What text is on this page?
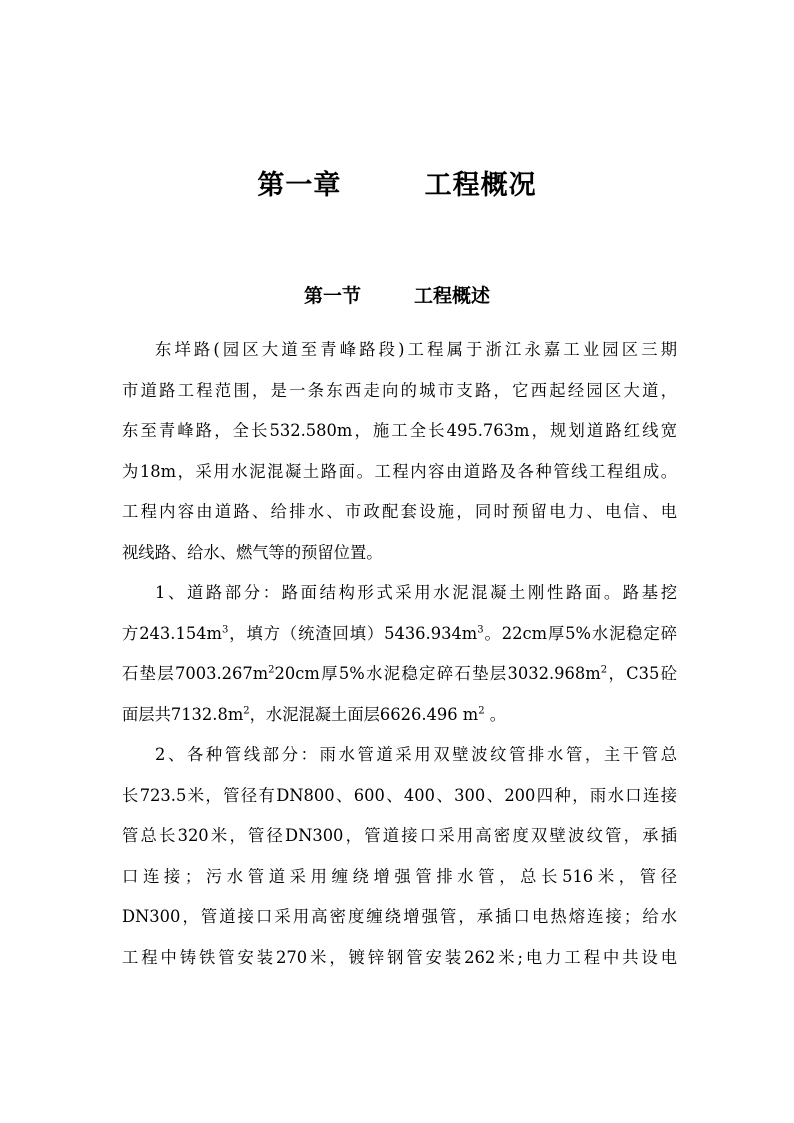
第一章        工程概况
第一节        工程概述
东垟路(园区大道至青峰路段)工程属于浙江永嘉工业园区三期
市道路工程范围，是一条东西走向的城市支路，它西起经园区大道，
东至青峰路，全长532.580m，施工全长495.763m，规划道路红线宽
为18m，采用水泥混凝土路面。工程内容由道路及各种管线工程组成。
工程内容由道路、给排水、市政配套设施，同时预留电力、电信、电
视线路、给水、燃气等的预留位置。
1、道路部分：路面结构形式采用水泥混凝土刚性路面。路基挖
方$243.154m^3$，填方（统渣回填）$5436.934m^3$。22cm厚5%水泥稳定碎
石垫层$7003.267m^220cm$厚5%水泥稳定碎石垫层$3032.968m^2$，C35砼
面层共$7132.8m^2$，水泥混凝土面层6626.496 $m^2$ 。
2、各种管线部分：雨水管道采用双壁波纹管排水管，主干管总
长723.5米，管径有DN800、600、400、300、200四种，雨水口连接
管总长320米，管径DN300，管道接口采用高密度双壁波纹管，承插
口连接；污水管道采用缠绕增强管排水管，总长516米，管径
DN300，管道接口采用高密度缠绕增强管，承插口电热熔连接；给水
工程中铸铁管安装270米，镀锌钢管安装262米;电力工程中共设电
